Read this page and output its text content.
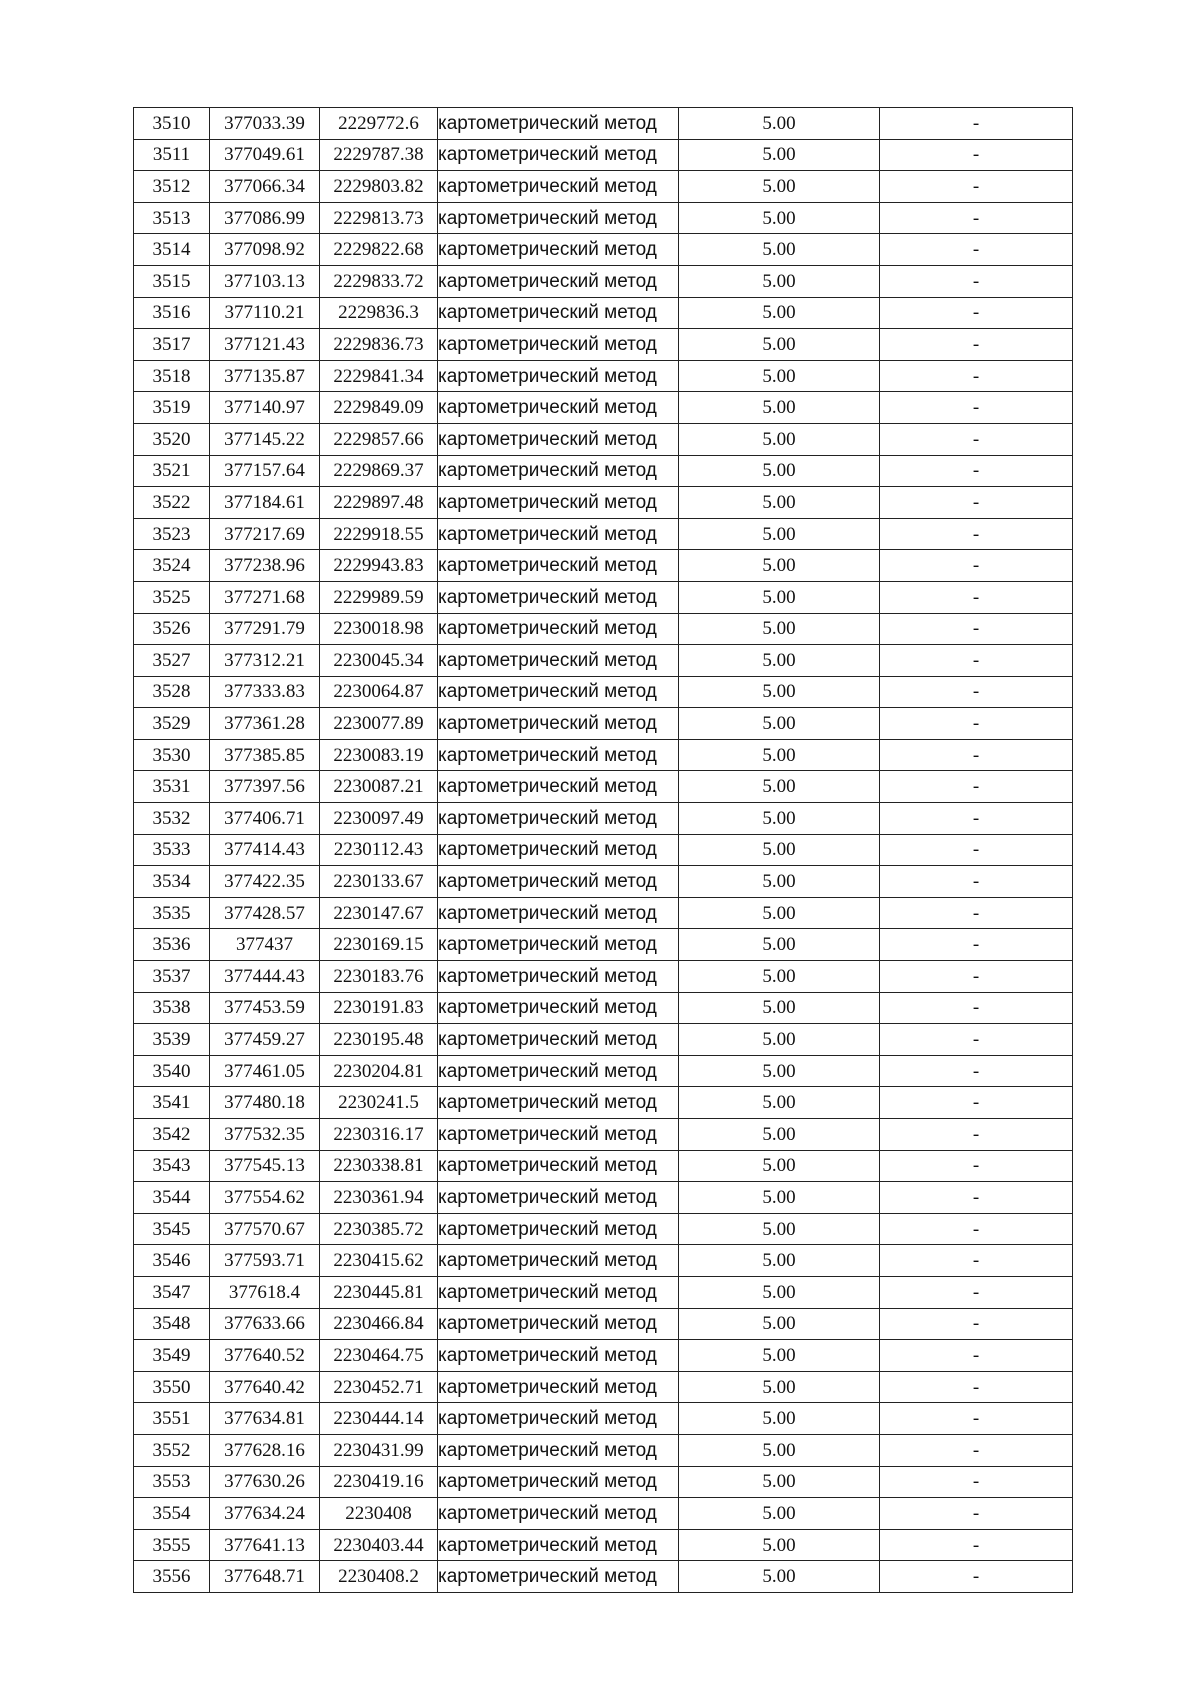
3510	377033.39	2229772.6	картометрический метод	5.00	-
3511	377049.61	2229787.38	картометрический метод	5.00	-
3512	377066.34	2229803.82	картометрический метод	5.00	-
3513	377086.99	2229813.73	картометрический метод	5.00	-
3514	377098.92	2229822.68	картометрический метод	5.00	-
3515	377103.13	2229833.72	картометрический метод	5.00	-
3516	377110.21	2229836.3	картометрический метод	5.00	-
3517	377121.43	2229836.73	картометрический метод	5.00	-
3518	377135.87	2229841.34	картометрический метод	5.00	-
3519	377140.97	2229849.09	картометрический метод	5.00	-
3520	377145.22	2229857.66	картометрический метод	5.00	-
3521	377157.64	2229869.37	картометрический метод	5.00	-
3522	377184.61	2229897.48	картометрический метод	5.00	-
3523	377217.69	2229918.55	картометрический метод	5.00	-
3524	377238.96	2229943.83	картометрический метод	5.00	-
3525	377271.68	2229989.59	картометрический метод	5.00	-
3526	377291.79	2230018.98	картометрический метод	5.00	-
3527	377312.21	2230045.34	картометрический метод	5.00	-
3528	377333.83	2230064.87	картометрический метод	5.00	-
3529	377361.28	2230077.89	картометрический метод	5.00	-
3530	377385.85	2230083.19	картометрический метод	5.00	-
3531	377397.56	2230087.21	картометрический метод	5.00	-
3532	377406.71	2230097.49	картометрический метод	5.00	-
3533	377414.43	2230112.43	картометрический метод	5.00	-
3534	377422.35	2230133.67	картометрический метод	5.00	-
3535	377428.57	2230147.67	картометрический метод	5.00	-
3536	377437	2230169.15	картометрический метод	5.00	-
3537	377444.43	2230183.76	картометрический метод	5.00	-
3538	377453.59	2230191.83	картометрический метод	5.00	-
3539	377459.27	2230195.48	картометрический метод	5.00	-
3540	377461.05	2230204.81	картометрический метод	5.00	-
3541	377480.18	2230241.5	картометрический метод	5.00	-
3542	377532.35	2230316.17	картометрический метод	5.00	-
3543	377545.13	2230338.81	картометрический метод	5.00	-
3544	377554.62	2230361.94	картометрический метод	5.00	-
3545	377570.67	2230385.72	картометрический метод	5.00	-
3546	377593.71	2230415.62	картометрический метод	5.00	-
3547	377618.4	2230445.81	картометрический метод	5.00	-
3548	377633.66	2230466.84	картометрический метод	5.00	-
3549	377640.52	2230464.75	картометрический метод	5.00	-
3550	377640.42	2230452.71	картометрический метод	5.00	-
3551	377634.81	2230444.14	картометрический метод	5.00	-
3552	377628.16	2230431.99	картометрический метод	5.00	-
3553	377630.26	2230419.16	картометрический метод	5.00	-
3554	377634.24	2230408	картометрический метод	5.00	-
3555	377641.13	2230403.44	картометрический метод	5.00	-
3556	377648.71	2230408.2	картометрический метод	5.00	-
